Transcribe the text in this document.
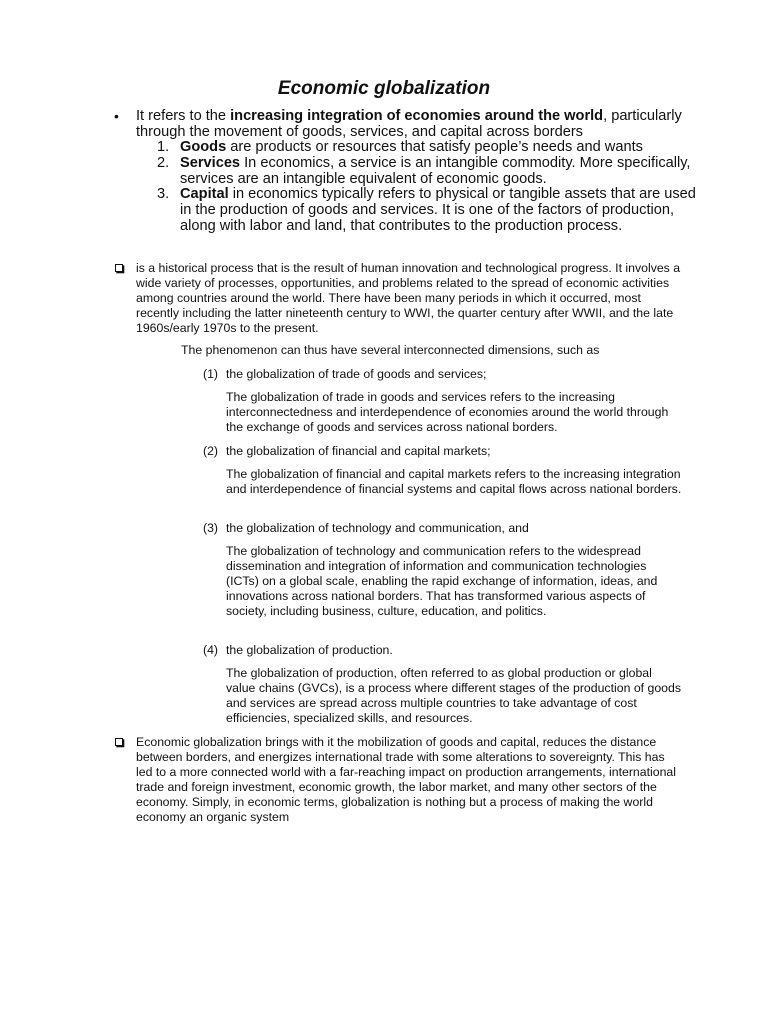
Economic globalization
•	It refers to the increasing integration of economies around the world, particularly through the movement of goods, services, and capital across borders
1. Goods are products or resources that satisfy people’s needs and wants
2. Services In economics, a service is an intangible commodity. More specifically, services are an intangible equivalent of economic goods.
3. Capital in economics typically refers to physical or tangible assets that are used in the production of goods and services. It is one of the factors of production, along with labor and land, that contributes to the production process.
is a historical process that is the result of human innovation and technological progress. It involves a wide variety of processes, opportunities, and problems related to the spread of economic activities among countries around the world. There have been many periods in which it occurred, most recently including the latter nineteenth century to WWI, the quarter century after WWII, and the late 1960s/early 1970s to the present.
The phenomenon can thus have several interconnected dimensions, such as
(1) the globalization of trade of goods and services;
The globalization of trade in goods and services refers to the increasing interconnectedness and interdependence of economies around the world through the exchange of goods and services across national borders.
(2) the globalization of financial and capital markets;
The globalization of financial and capital markets refers to the increasing integration and interdependence of financial systems and capital flows across national borders.
(3) the globalization of technology and communication, and
The globalization of technology and communication refers to the widespread dissemination and integration of information and communication technologies (ICTs) on a global scale, enabling the rapid exchange of information, ideas, and innovations across national borders. That has transformed various aspects of society, including business, culture, education, and politics.
(4) the globalization of production.
The globalization of production, often referred to as global production or global value chains (GVCs), is a process where different stages of the production of goods and services are spread across multiple countries to take advantage of cost efficiencies, specialized skills, and resources.
Economic globalization brings with it the mobilization of goods and capital, reduces the distance between borders, and energizes international trade with some alterations to sovereignty. This has led to a more connected world with a far-reaching impact on production arrangements, international trade and foreign investment, economic growth, the labor market, and many other sectors of the economy. Simply, in economic terms, globalization is nothing but a process of making the world economy an organic system
